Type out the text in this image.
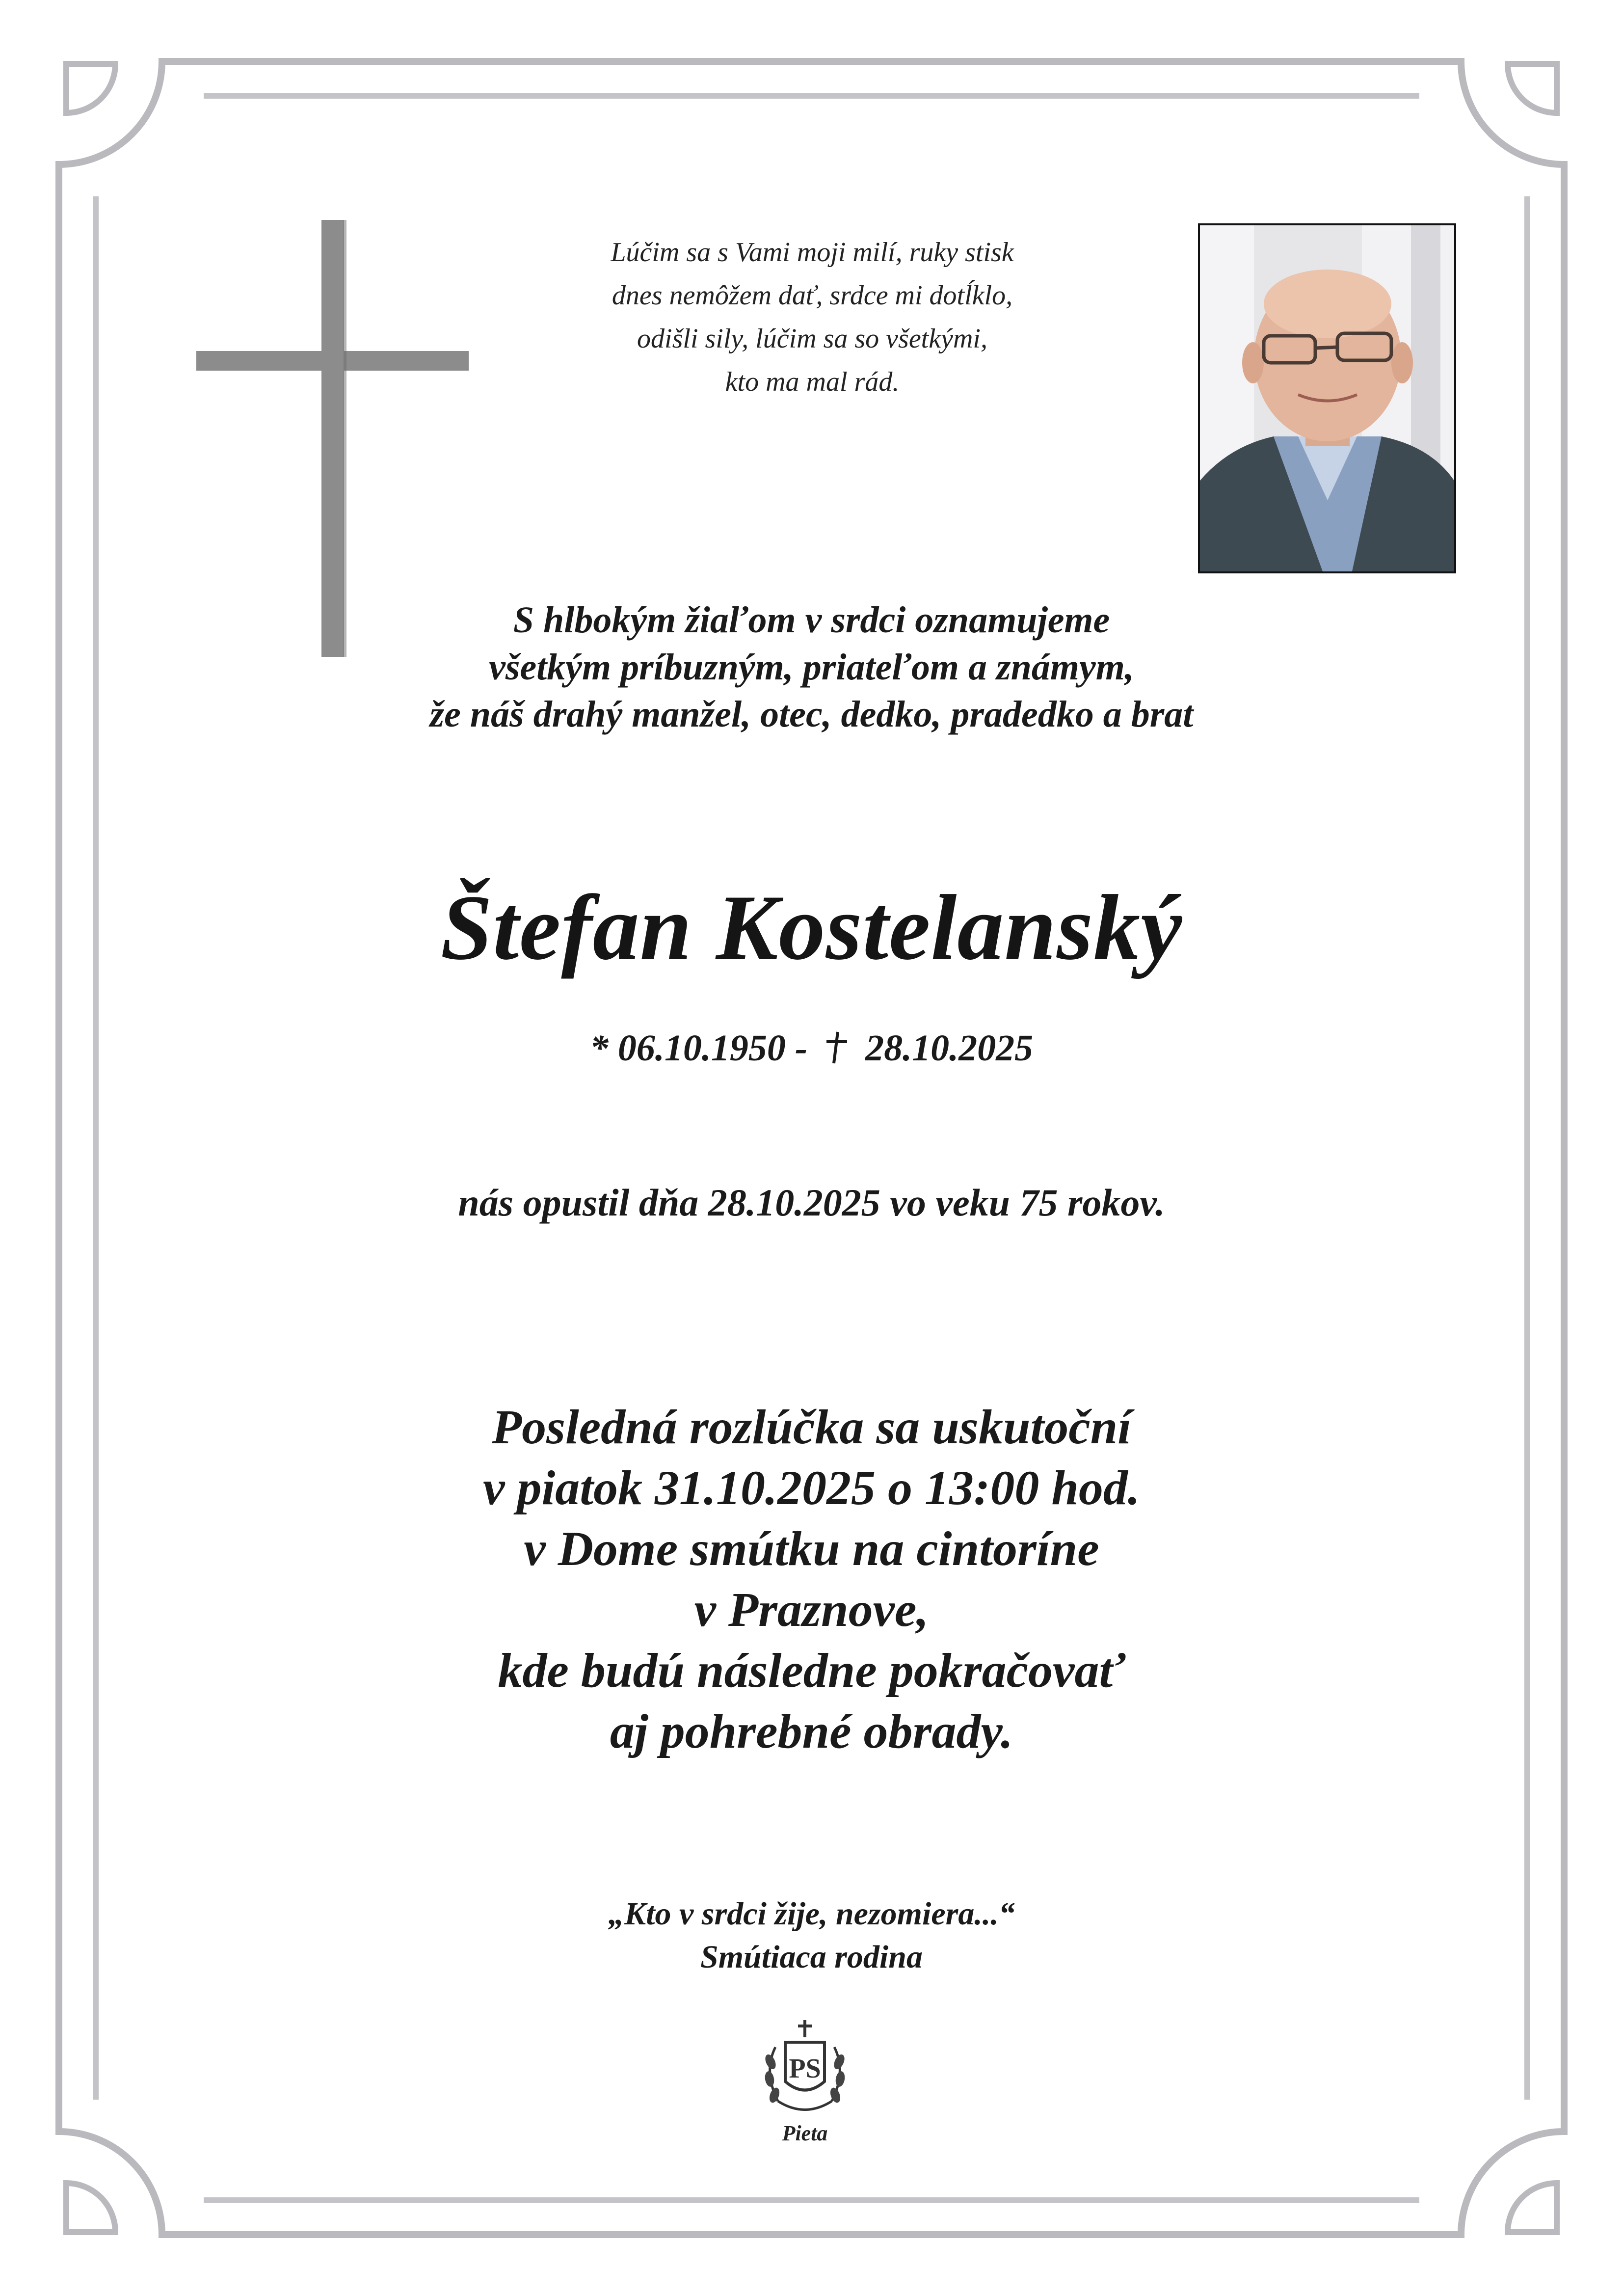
Lúčim sa s Vami moji milí, ruky stisk
dnes nemôžem dať, srdce mi dotĺklo,
odišli sily, lúčim sa so všetkými,
kto ma mal rád.
S hlbokým žiaľom v srdci oznamujeme
všetkým príbuzným, priateľom a známym,
že náš drahý manžel, otec, dedko, pradedko a brat
Štefan Kostelanský
* 06.10.1950 - 28.10.2025
nás opustil dňa 28.10.2025 vo veku 75 rokov.
Posledná rozlúčka sa uskutoční
v piatok 31.10.2025 o 13:00 hod.
v Dome smútku na cintoríne
v Praznove,
kde budú následne pokračovať
aj pohrebné obrady.
„Kto v srdci žije, nezomiera...“
Smútiaca rodina
PS
Pieta
